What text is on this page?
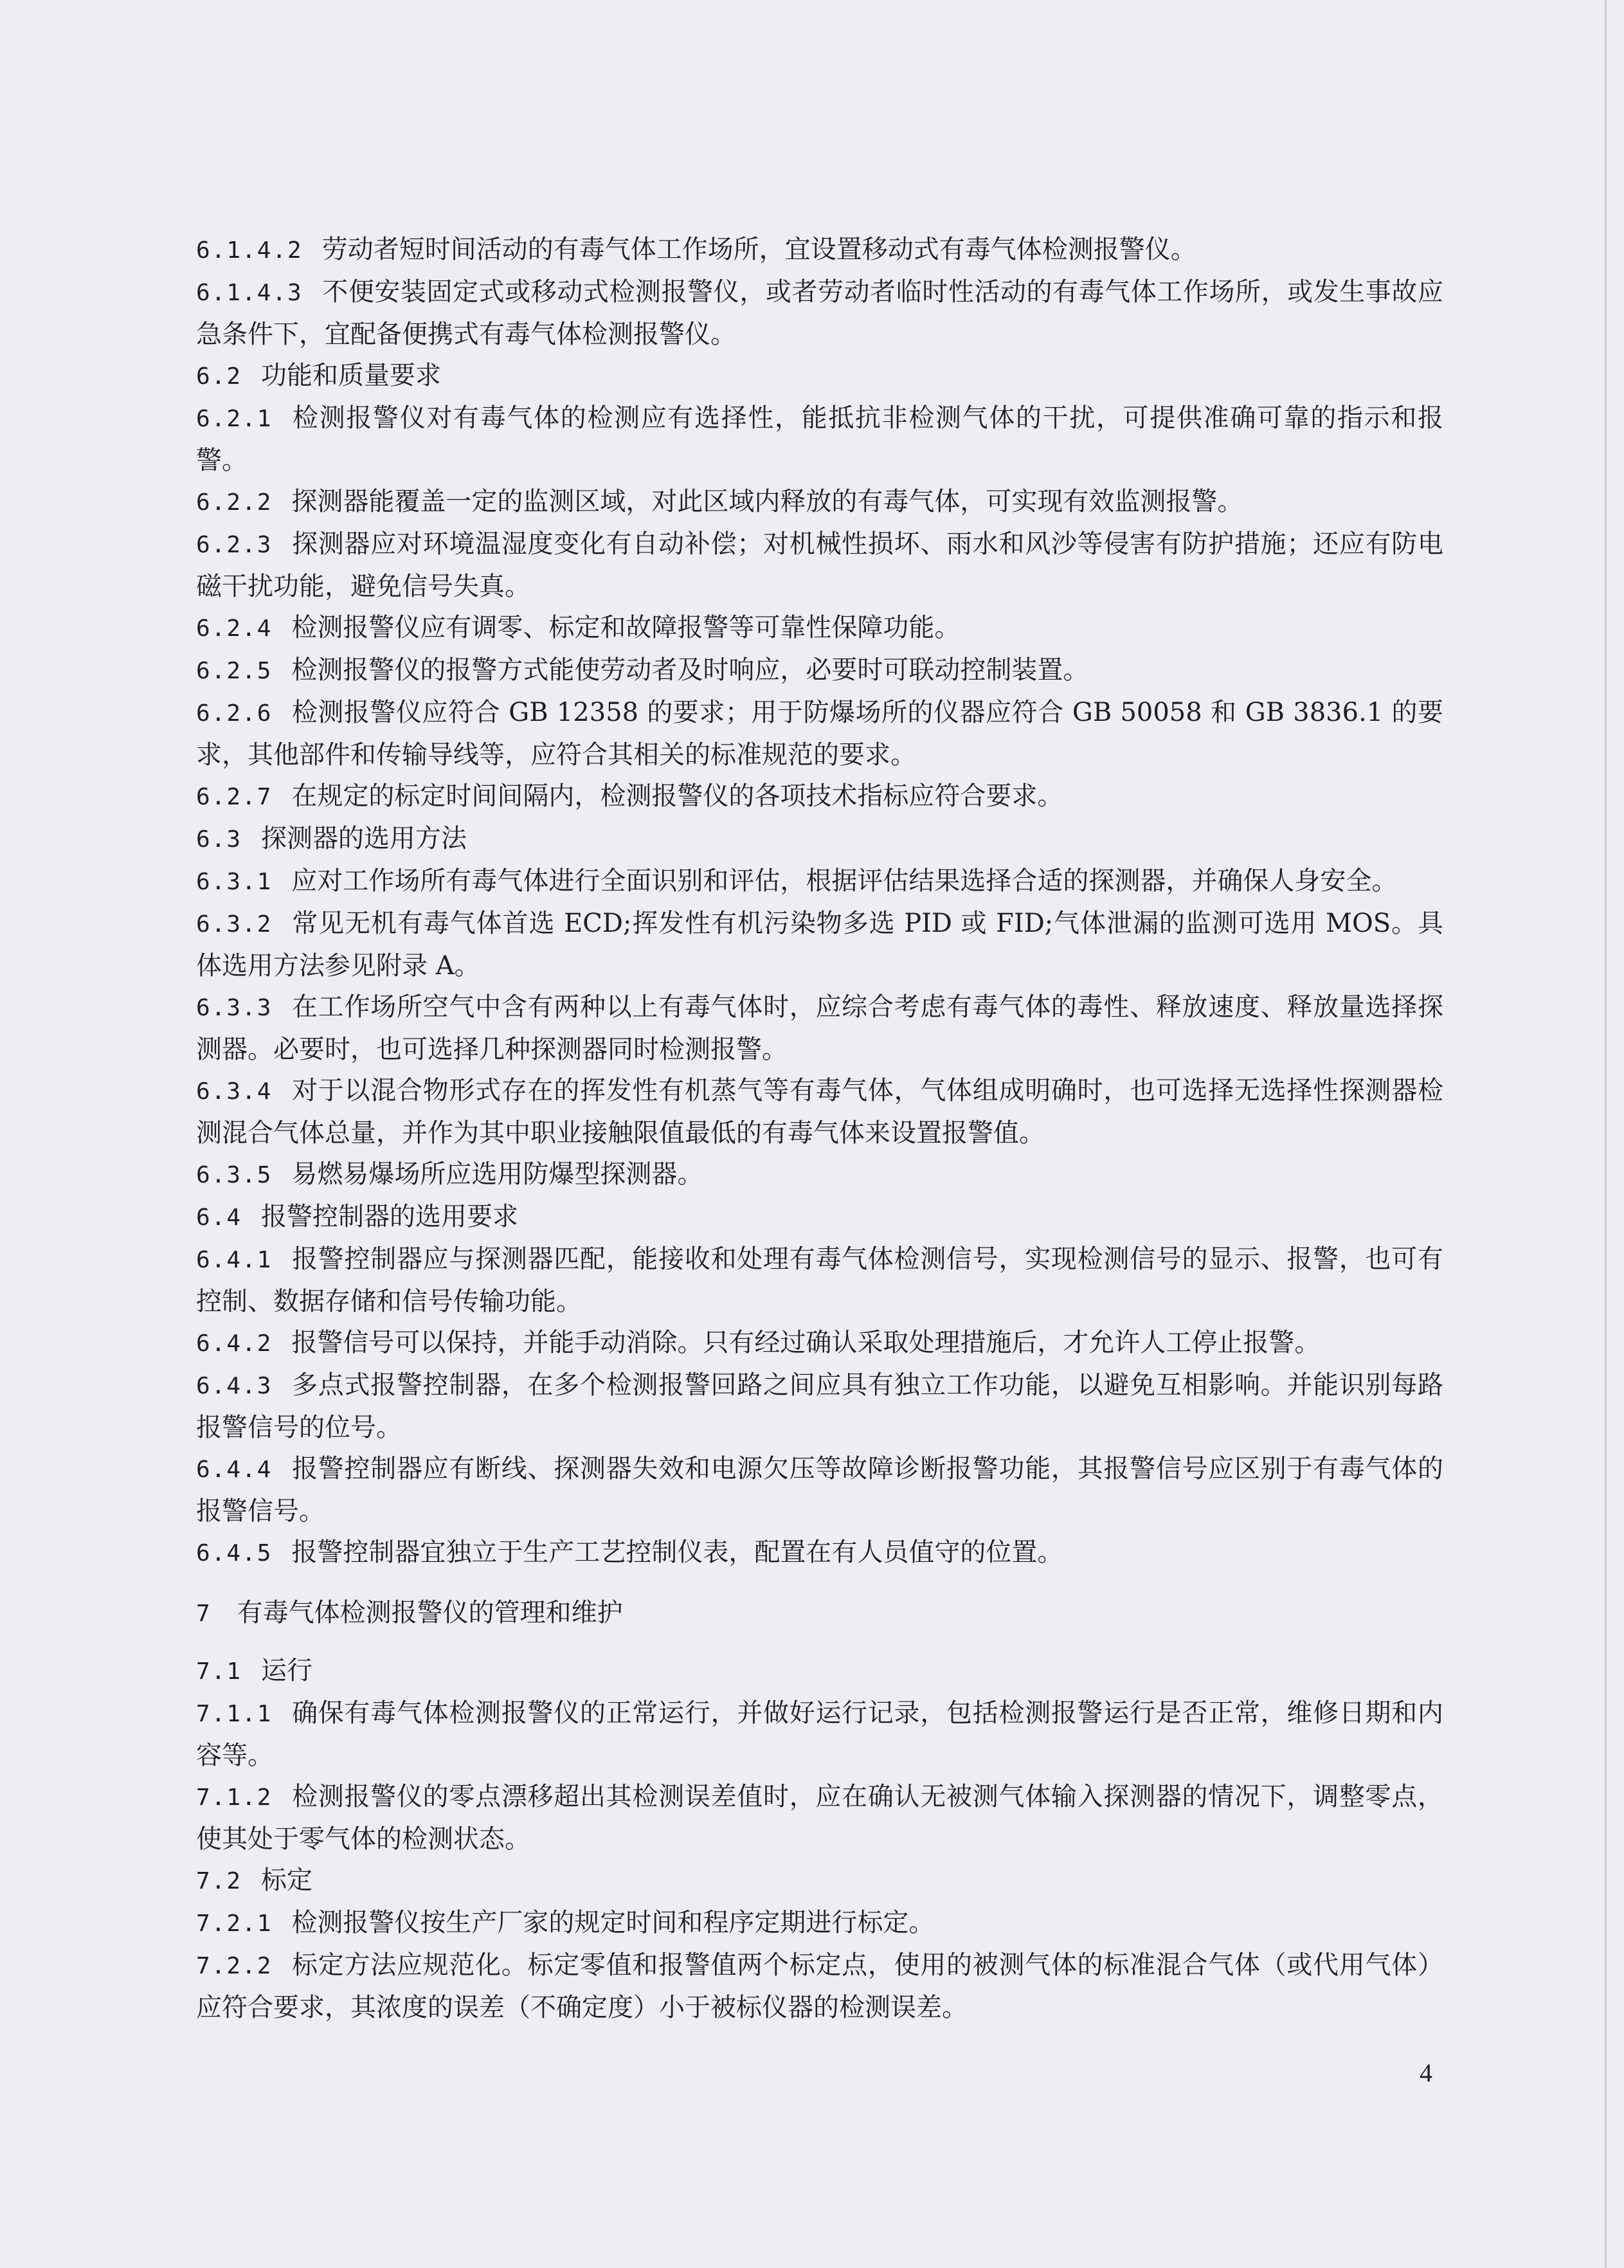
6.1.4.2 劳动者短时间活动的有毒气体工作场所，宜设置移动式有毒气体检测报警仪。
6.1.4.3 不便安装固定式或移动式检测报警仪，或者劳动者临时性活动的有毒气体工作场所，或发生事故应急条件下，宜配备便携式有毒气体检测报警仪。
6.2 功能和质量要求
6.2.1 检测报警仪对有毒气体的检测应有选择性，能抵抗非检测气体的干扰，可提供准确可靠的指示和报警。
6.2.2 探测器能覆盖一定的监测区域，对此区域内释放的有毒气体，可实现有效监测报警。
6.2.3 探测器应对环境温湿度变化有自动补偿；对机械性损坏、雨水和风沙等侵害有防护措施；还应有防电磁干扰功能，避免信号失真。
6.2.4 检测报警仪应有调零、标定和故障报警等可靠性保障功能。
6.2.5 检测报警仪的报警方式能使劳动者及时响应，必要时可联动控制装置。
6.2.6 检测报警仪应符合 GB 12358 的要求；用于防爆场所的仪器应符合 GB 50058 和 GB 3836.1 的要求，其他部件和传输导线等，应符合其相关的标准规范的要求。
6.2.7 在规定的标定时间间隔内，检测报警仪的各项技术指标应符合要求。
6.3 探测器的选用方法
6.3.1 应对工作场所有毒气体进行全面识别和评估，根据评估结果选择合适的探测器，并确保人身安全。
6.3.2 常见无机有毒气体首选 ECD;挥发性有机污染物多选 PID 或 FID;气体泄漏的监测可选用 MOS。具体选用方法参见附录 A。
6.3.3 在工作场所空气中含有两种以上有毒气体时，应综合考虑有毒气体的毒性、释放速度、释放量选择探测器。必要时，也可选择几种探测器同时检测报警。
6.3.4 对于以混合物形式存在的挥发性有机蒸气等有毒气体，气体组成明确时，也可选择无选择性探测器检测混合气体总量，并作为其中职业接触限值最低的有毒气体来设置报警值。
6.3.5 易燃易爆场所应选用防爆型探测器。
6.4 报警控制器的选用要求
6.4.1 报警控制器应与探测器匹配，能接收和处理有毒气体检测信号，实现检测信号的显示、报警，也可有控制、数据存储和信号传输功能。
6.4.2 报警信号可以保持，并能手动消除。只有经过确认采取处理措施后，才允许人工停止报警。
6.4.3 多点式报警控制器，在多个检测报警回路之间应具有独立工作功能，以避免互相影响。并能识别每路报警信号的位号。
6.4.4 报警控制器应有断线、探测器失效和电源欠压等故障诊断报警功能，其报警信号应区别于有毒气体的报警信号。
6.4.5 报警控制器宜独立于生产工艺控制仪表，配置在有人员值守的位置。
7 有毒气体检测报警仪的管理和维护
7.1 运行
7.1.1 确保有毒气体检测报警仪的正常运行，并做好运行记录，包括检测报警运行是否正常，维修日期和内容等。
7.1.2 检测报警仪的零点漂移超出其检测误差值时，应在确认无被测气体输入探测器的情况下，调整零点，使其处于零气体的检测状态。
7.2 标定
7.2.1 检测报警仪按生产厂家的规定时间和程序定期进行标定。
7.2.2 标定方法应规范化。标定零值和报警值两个标定点，使用的被测气体的标准混合气体（或代用气体）应符合要求，其浓度的误差（不确定度）小于被标仪器的检测误差。
4
